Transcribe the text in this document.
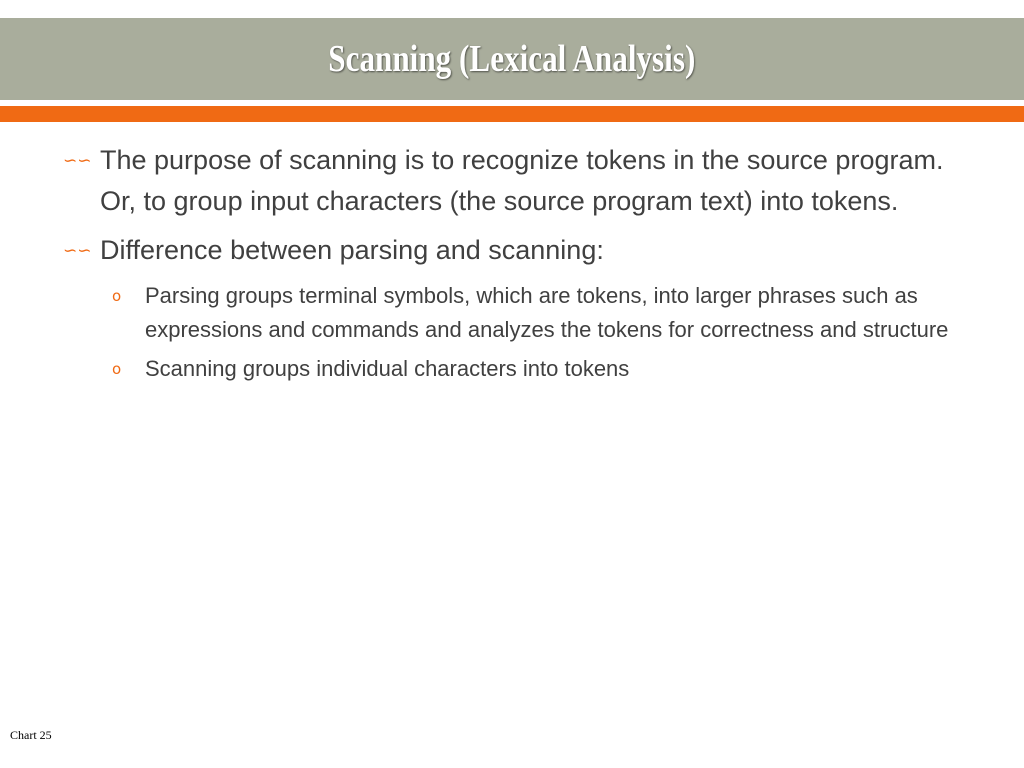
Scanning (Lexical Analysis)
∽∽ The purpose of scanning is to recognize tokens in the source program. Or, to group input characters (the source program text) into tokens.
∽∽ Difference between parsing and scanning:
o Parsing groups terminal symbols, which are tokens, into larger phrases such as expressions and commands and analyzes the tokens for correctness and structure
o Scanning groups individual characters into tokens
Chart 25
